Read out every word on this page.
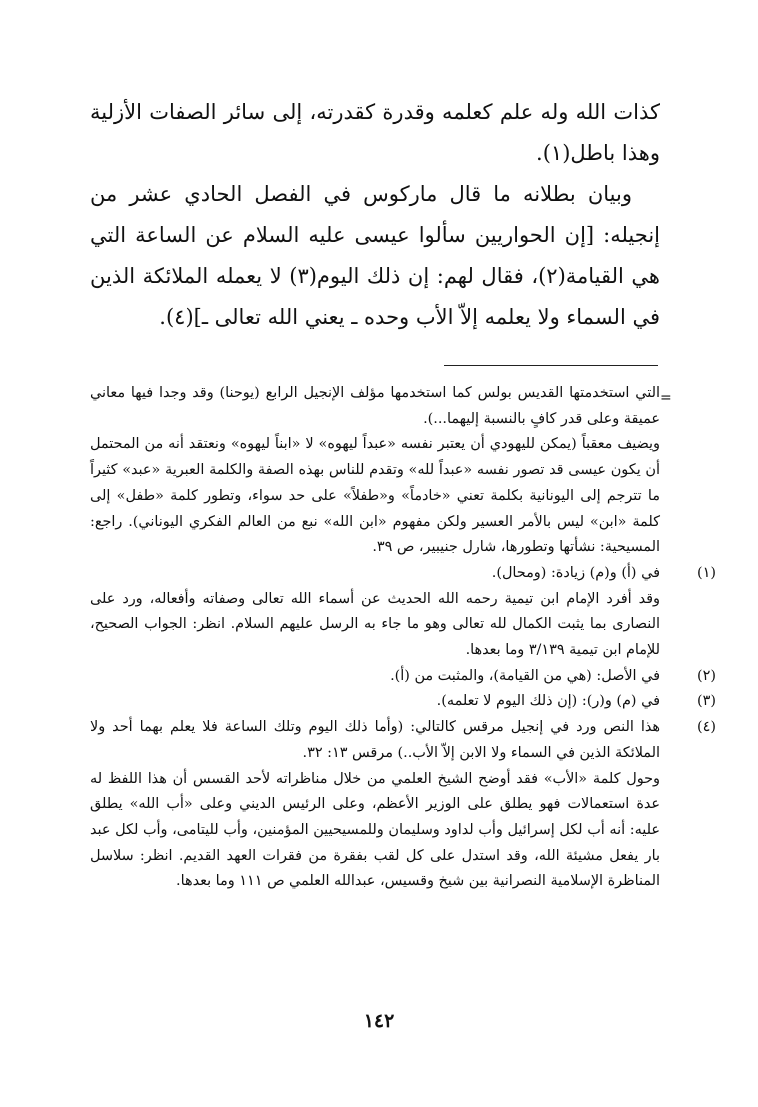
كذات الله وله علم كعلمه وقدرة كقدرته، إلى سائر الصفات الأزلية وهذا باطل(١).

وبيان بطلانه ما قال ماركوس في الفصل الحادي عشر من إنجيله: [إن الحواريين سألوا عيسى عليه السلام عن الساعة التي هي القيامة(٢)، فقال لهم: إن ذلك اليوم(٣) لا يعمله الملائكة الذين في السماء ولا يعلمه إلاّ الأب وحده ـ يعني الله تعالى ـ](٤).

=
التي استخدمتها القديس بولس كما استخدمها مؤلف الإنجيل الرابع (يوحنا) وقد وجدا فيها معاني عميقة وعلى قدر كافٍ بالنسبة إليهما...).
ويضيف معقباً (يمكن لليهودي أن يعتبر نفسه «عبداً ليهوه» لا «ابناً ليهوه» ونعتقد أنه من المحتمل أن يكون عيسى قد تصور نفسه «عبداً لله» وتقدم للناس بهذه الصفة والكلمة العبرية «عبد» كثيراً ما تترجم إلى اليونانية بكلمة تعني «خادماً» و«طفلاً» على حد سواء، وتطور كلمة «طفل» إلى كلمة «ابن» ليس بالأمر العسير ولكن مفهوم «ابن الله» نبع من العالم الفكري اليوناني). راجع: المسيحية: نشأتها وتطورها، شارل جنيبير، ص ٣٩.
(١)
في (أ) و(م) زيادة: (ومحال).
وقد أفرد الإمام ابن تيمية رحمه الله الحديث عن أسماء الله تعالى وصفاته وأفعاله، ورد على النصارى بما يثبت الكمال لله تعالى وهو ما جاء به الرسل عليهم السلام. انظر: الجواب الصحيح، للإمام ابن تيمية ٣/١٣٩ وما بعدها.
(٢)
في الأصل: (هي من القيامة)، والمثبت من (أ).
(٣)
في (م) و(ر): (إن ذلك اليوم لا تعلمه).
(٤)
هذا النص ورد في إنجيل مرقس كالتالي: (وأما ذلك اليوم وتلك الساعة فلا يعلم بهما أحد ولا الملائكة الذين في السماء ولا الابن إلاّ الأب..) مرقس ١٣: ٣٢.
وحول كلمة «الأب» فقد أوضح الشيخ العلمي من خلال مناظراته لأحد القسس أن هذا اللفظ له عدة استعمالات فهو يطلق على الوزير الأعظم، وعلى الرئيس الديني وعلى «أب الله» يطلق عليه: أنه أب لكل إسرائيل وأب لداود وسليمان وللمسيحيين المؤمنين، وأب لليتامى، وأب لكل عبد بار يفعل مشيئة الله، وقد استدل على كل لقب بفقرة من فقرات العهد القديم. انظر: سلاسل المناظرة الإسلامية النصرانية بين شيخ وقسيس، عبدالله العلمي ص ١١١ وما بعدها.
١٤٢
